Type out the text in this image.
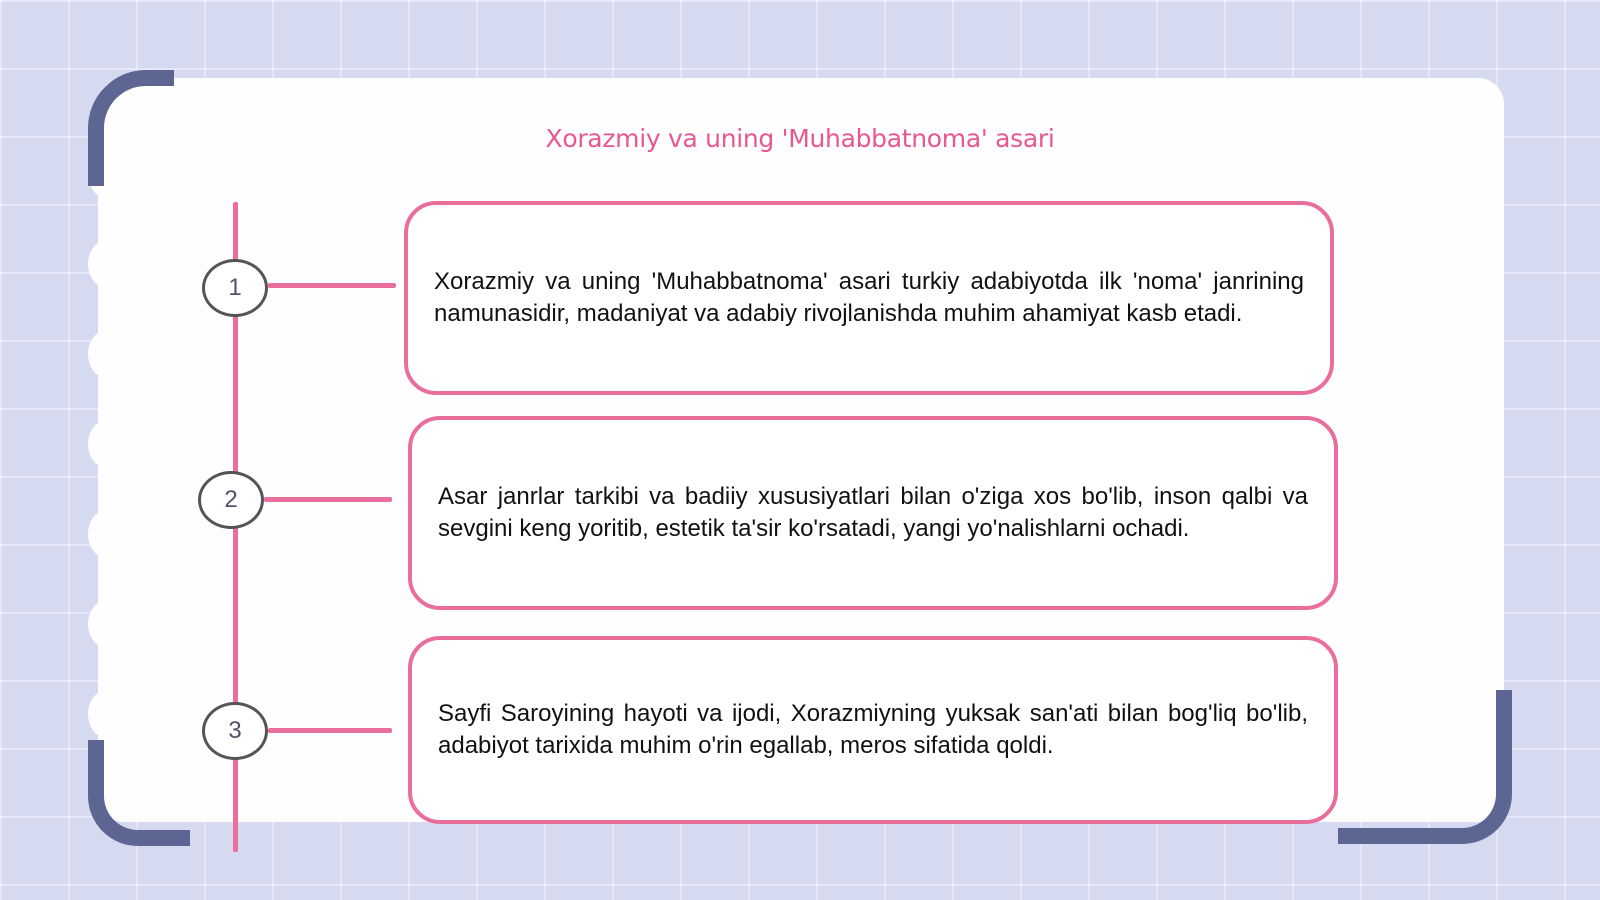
Xorazmiy va uning 'Muhabbatnoma' asari
1
2
3

Xorazmiy va uning 'Muhabbatnoma' asari turkiy adabiyotda ilk 'noma' janrining namunasidir, madaniyat va adabiy rivojlanishda muhim ahamiyat kasb etadi.

Asar janrlar tarkibi va badiiy xususiyatlari bilan o'ziga xos bo'lib, inson qalbi va sevgini keng yoritib, estetik ta'sir ko'rsatadi, yangi yo'nalishlarni ochadi.

Sayfi Saroyining hayoti va ijodi, Xorazmiyning yuksak san'ati bilan bog'liq bo'lib, adabiyot tarixida muhim o'rin egallab, meros sifatida qoldi.
